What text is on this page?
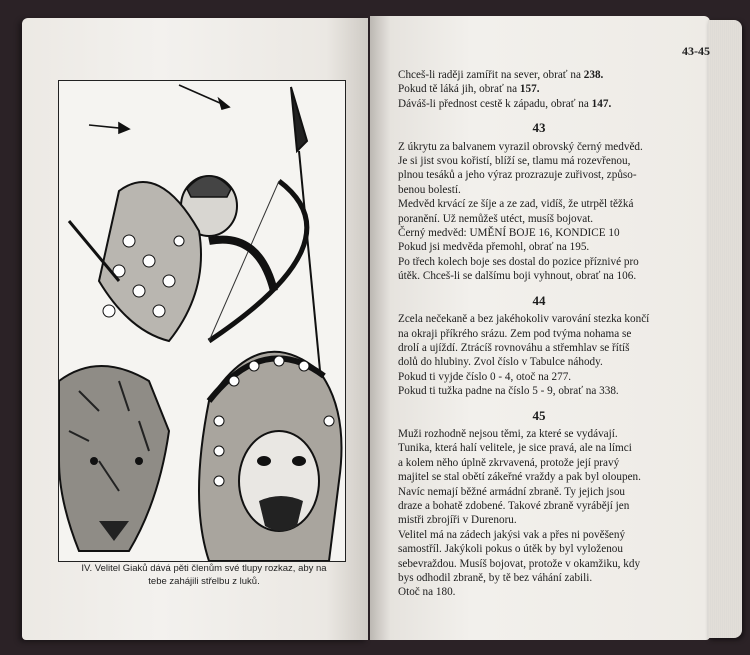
IV. Velitel Giaků dává pěti členům své tlupy rozkaz, aby na
tebe zahájili střelbu z luků.
43-45
Chceš-li raději zamířit na sever, obrať na 238.
Pokud tě láká jih, obrať na 157.
Dáváš-li přednost cestě k západu, obrať na 147.
43
Z úkrytu za balvanem vyrazil obrovský černý medvěd.
Je si jist svou kořistí, blíží se, tlamu má rozevřenou,
plnou tesáků a jeho výraz prozrazuje zuřivost, způso-
benou bolestí.
Medvěd krvácí ze šíje a ze zad, vidíš, že utrpěl těžká
poranění. Už nemůžeš utéct, musíš bojovat.
Černý medvěd: UMĚNÍ BOJE 16, KONDICE 10
Pokud jsi medvěda přemohl, obrať na 195.
Po třech kolech boje ses dostal do pozice příznivé pro
útěk. Chceš-li se dalšímu boji vyhnout, obrať na 106.
44
Zcela nečekaně a bez jakéhokoliv varování stezka končí
na okraji příkrého srázu. Zem pod tvýma nohama se
drolí a ujíždí. Ztrácíš rovnováhu a střemhlav se řítíš
dolů do hlubiny. Zvol číslo v Tabulce náhody.
Pokud ti vyjde číslo 0 - 4, otoč na 277.
Pokud ti tužka padne na číslo 5 - 9, obrať na 338.
45
Muži rozhodně nejsou těmi, za které se vydávají.
Tunika, která halí velitele, je sice pravá, ale na límci
a kolem něho úplně zkrvavená, protože její pravý
majitel se stal obětí zákeřné vraždy a pak byl oloupen.
Navíc nemají běžné armádní zbraně. Ty jejich jsou
draze a bohatě zdobené. Takové zbraně vyrábějí jen
mistři zbrojíři v Durenoru.
Velitel má na zádech jakýsi vak a přes ni pověšený
samostříl. Jakýkoli pokus o útěk by byl vyloženou
sebevraždou. Musíš bojovat, protože v okamžiku, kdy
bys odhodil zbraně, by tě bez váhání zabili.
Otoč na 180.
